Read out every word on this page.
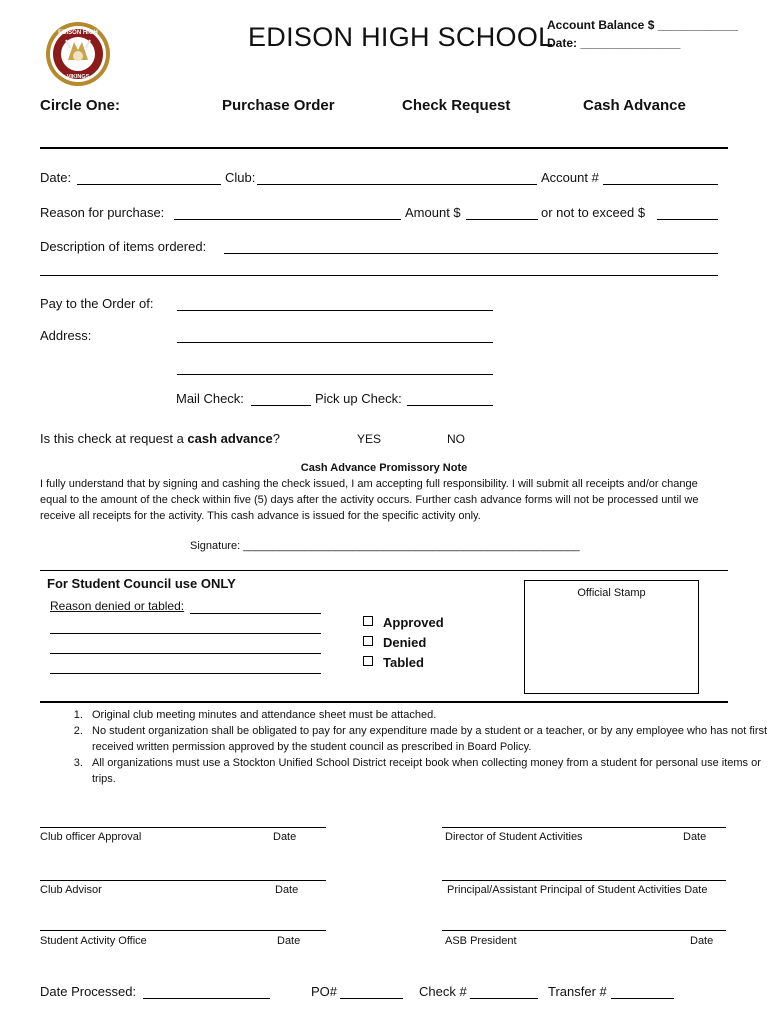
EDISON HIGH
VIKINGS
EDISON HIGH SCHOOL
Account Balance $ ____________
Date: _______________
Circle One:	Purchase Order	Check Request	Cash Advance
Date:	Club:	Account #
Reason for purchase:	Amount $	or not to exceed $
Description of items ordered:
Pay to the Order of:
Address:
Mail Check:	Pick up Check:
Is this check at request a cash advance?	YES	NO
Cash Advance Promissory Note
I fully understand that by signing and cashing the check issued, I am accepting full responsibility. I will submit all receipts and/or change equal to the amount of the check within five (5) days after the activity occurs. Further cash advance forms will not be processed until we receive all receipts for the activity. This cash advance is issued for the specific activity only.
Signature: _______________________________________________________
For Student Council use ONLY
Reason denied or tabled:
Approved
Denied
Tabled
Official Stamp
1. Original club meeting minutes and attendance sheet must be attached.
2. No student organization shall be obligated to pay for any expenditure made by a student or a teacher, or by any employee who has not first received written permission approved by the student council as prescribed in Board Policy.
3. All organizations must use a Stockton Unified School District receipt book when collecting money from a student for personal use items or trips.
Club officer Approval	Date
Club Advisor	Date
Student Activity Office	Date
Director of Student Activities	Date
Principal/Assistant Principal of Student Activities Date
ASB President	Date
Date Processed:	PO#	Check #	Transfer #
